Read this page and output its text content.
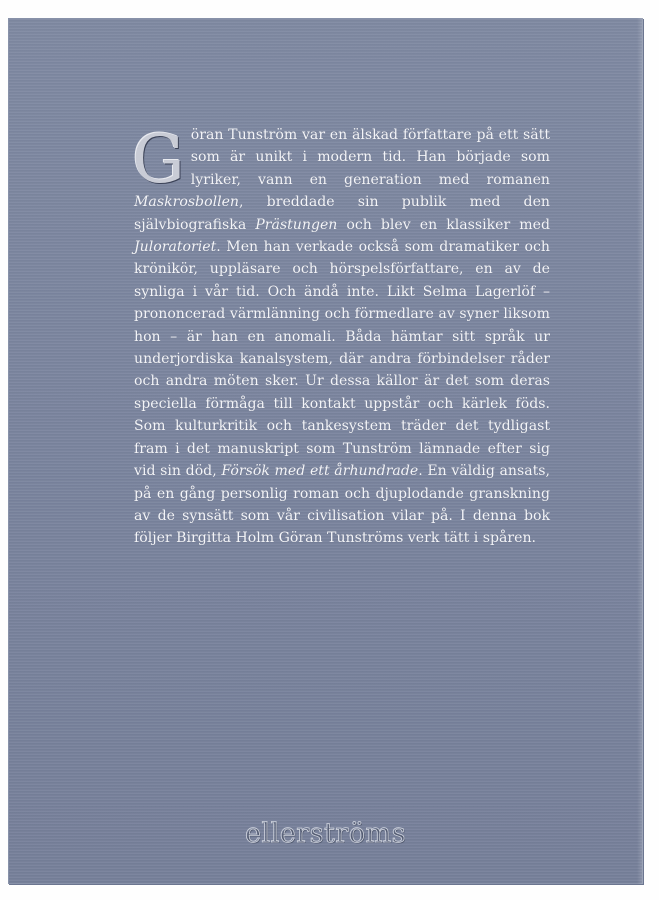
Göran Tunström var en älskad författare på ett sätt som är unikt i modern tid. Han började som lyriker, vann en generation med romanen Maskrosbollen, breddade sin publik med den självbiografiska Prästungen och blev en klassiker med Juloratoriet. Men han verkade också som dramatiker och krönikör, uppläsare och hörspelsförfattare, en av de synliga i vår tid. Och ändå inte. Likt Selma Lagerlöf – prononcerad värmlänning och förmedlare av syner liksom hon – är han en anomali. Båda hämtar sitt språk ur underjordiska kanalsystem, där andra förbindelser råder och andra möten sker. Ur dessa källor är det som deras speciella förmåga till kontakt uppstår och kärlek föds. Som kulturkritik och tankesystem träder det tydligast fram i det manuskript som Tunström lämnade efter sig vid sin död, Försök med ett århundrade. En väldig ansats, på en gång personlig roman och djuplodande granskning av de synsätt som vår civilisation vilar på. I denna bok följer Birgitta Holm Göran Tunströms verk tätt i spåren.

ellerströms
